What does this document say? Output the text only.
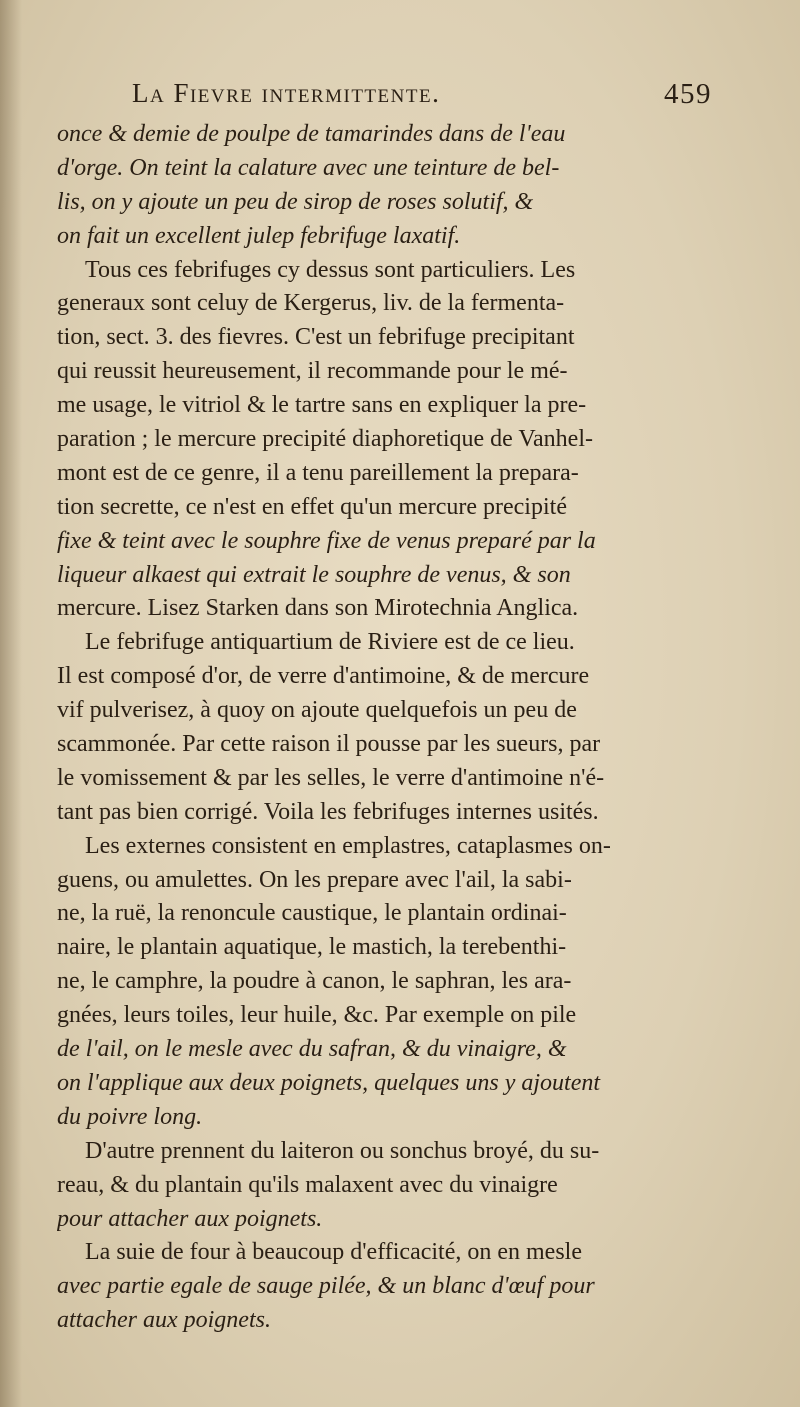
La Fievre intermittente.	459
once & demie de poulpe de tamarindes dans de l'eau
d'orge. On teint la calature avec une teinture de bel-
lis, on y ajoute un peu de sirop de roses solutif, &
on fait un excellent julep febrifuge laxatif.
Tous ces febrifuges cy dessus sont particuliers. Les
generaux sont celuy de Kergerus, liv. de la fermenta-
tion, sect. 3. des fievres. C'est un febrifuge precipitant
qui reussit heureusement, il recommande pour le mé-
me usage, le vitriol & le tartre sans en expliquer la pre-
paration ; le mercure precipité diaphoretique de Vanhel-
mont est de ce genre, il a tenu pareillement la prepara-
tion secrette, ce n'est en effet qu'un mercure precipité
fixe & teint avec le souphre fixe de venus preparé par la
liqueur alkaest qui extrait le souphre de venus, & son
mercure. Lisez Starken dans son Mirotechnia Anglica.
Le febrifuge antiquartium de Riviere est de ce lieu.
Il est composé d'or, de verre d'antimoine, & de mercure
vif pulverisez, à quoy on ajoute quelquefois un peu de
scammonée. Par cette raison il pousse par les sueurs, par
le vomissement & par les selles, le verre d'antimoine n'é-
tant pas bien corrigé. Voila les febrifuges internes usités.
Les externes consistent en emplastres, cataplasmes on-
guens, ou amulettes. On les prepare avec l'ail, la sabi-
ne, la ruë, la renoncule caustique, le plantain ordinai-
naire, le plantain aquatique, le mastich, la terebenthi-
ne, le camphre, la poudre à canon, le saphran, les ara-
gnées, leurs toiles, leur huile, &c. Par exemple on pile
de l'ail, on le mesle avec du safran, & du vinaigre, &
on l'applique aux deux poignets, quelques uns y ajoutent
du poivre long.
D'autre prennent du laiteron ou sonchus broyé, du su-
reau, & du plantain qu'ils malaxent avec du vinaigre
pour attacher aux poignets.
La suie de four à beaucoup d'efficacité, on en mesle
avec partie egale de sauge pilée, & un blanc d'œuf pour
attacher aux poignets.
